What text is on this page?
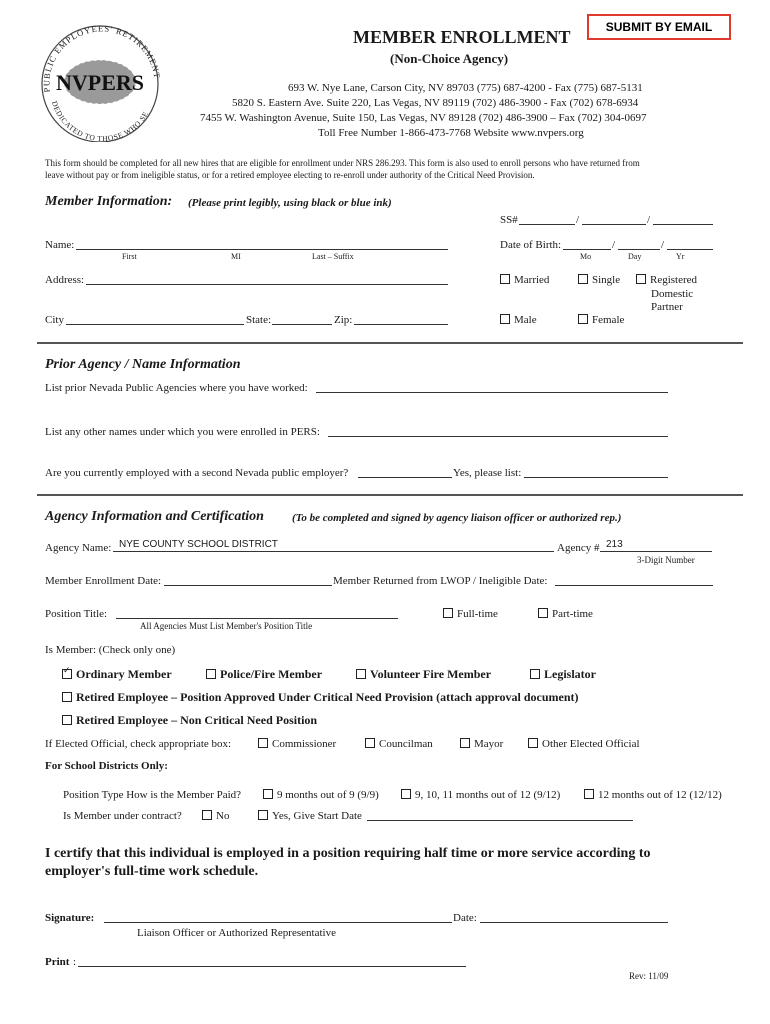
PUBLIC EMPLOYEES' RETIREMENT
DEDICATED TO THOSE WHO SE
NVPERS
SUBMIT BY EMAIL
MEMBER ENROLLMENT
(Non-Choice Agency)
693 W. Nye Lane, Carson City, NV 89703 (775) 687-4200 - Fax (775) 687-5131
5820 S. Eastern Ave. Suite 220, Las Vegas, NV 89119 (702) 486-3900 - Fax (702) 678-6934
7455 W. Washington Avenue, Suite 150, Las Vegas, NV 89128 (702) 486-3900 – Fax (702) 304-0697
Toll Free Number 1-866-473-7768 Website www.nvpers.org
This form should be completed for all new hires that are eligible for enrollment under NRS 286.293. This form is also used to enroll persons who have returned from
leave without pay or from ineligible status, or for a retired employee electing to re-enroll under authority of the Critical Need Provision.
Member Information: (Please print legibly, using black or blue ink)
SS#	/	/
Name:
First	MI	Last – Suffix
Date of Birth:	/	/
Mo	Day	Yr
Address:	Married	Single	Registered
Domestic
Partner
City	State:	Zip:	Male	Female
Prior Agency / Name Information
List prior Nevada Public Agencies where you have worked:
List any other names under which you were enrolled in PERS:
Are you currently employed with a second Nevada public employer?	Yes, please list:
Agency Information and Certification	(To be completed and signed by agency liaison officer or authorized rep.)
Agency Name: NYE COUNTY SCHOOL DISTRICT	Agency # 213
3-Digit Number
Member Enrollment Date:	Member Returned from LWOP / Ineligible Date:
Position Title:
All Agencies Must List Member's Position Title
Full-time	Part-time
Is Member: (Check only one)
✓Ordinary Member	Police/Fire Member	Volunteer Fire Member	Legislator
Retired Employee – Position Approved Under Critical Need Provision (attach approval document)
Retired Employee – Non Critical Need Position
If Elected Official, check appropriate box:	Commissioner	Councilman	Mayor	Other Elected Official
For School Districts Only:
Position Type How is the Member Paid?	9 months out of 9 (9/9)	9, 10, 11 months out of 12 (9/12)	12 months out of 12 (12/12)
Is Member under contract?	No	Yes, Give Start Date
I certify that this individual is employed in a position requiring half time or more service according to
employer's full-time work schedule.
Signature:	Date:
Liaison Officer or Authorized Representative
Print :
Rev: 11/09
